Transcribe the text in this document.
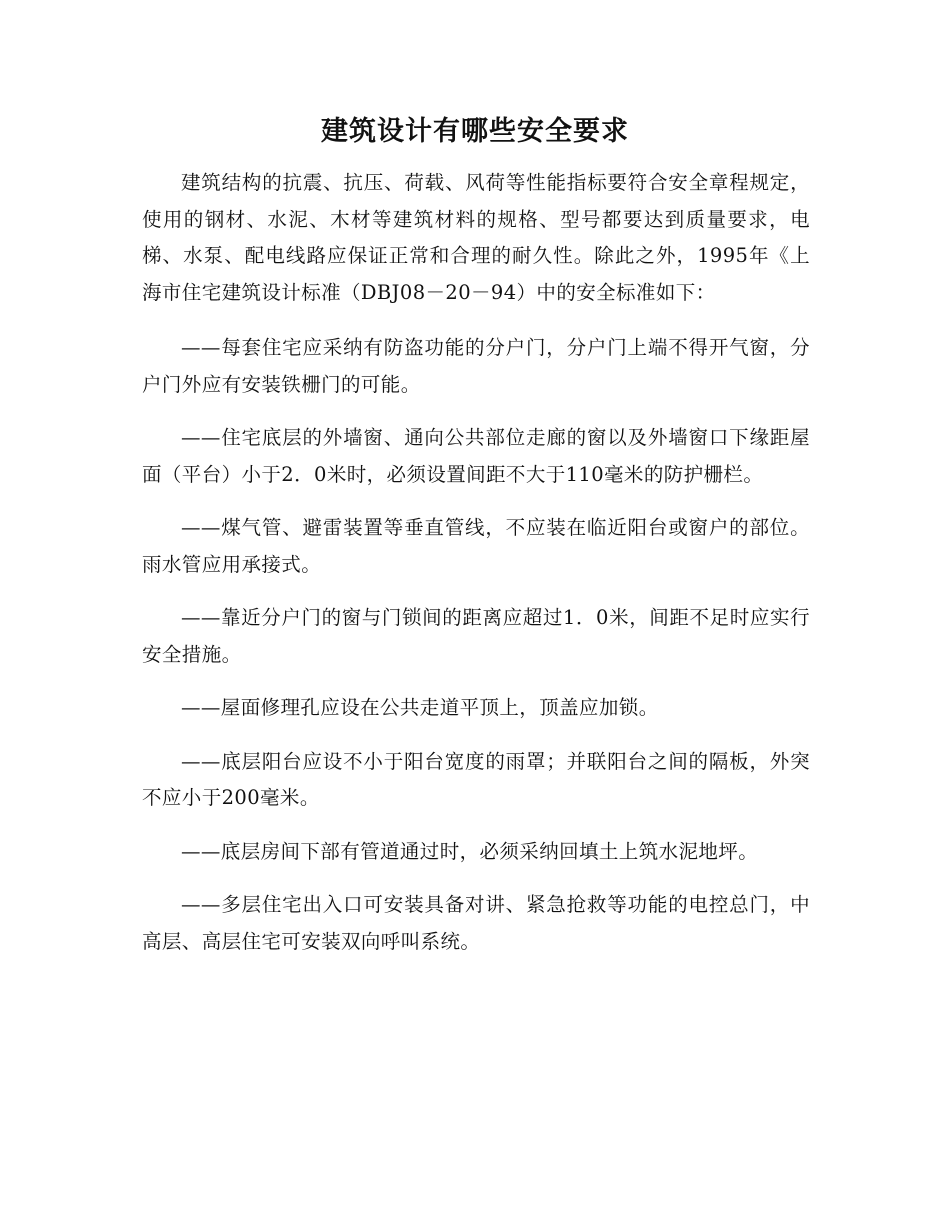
建筑设计有哪些安全要求

建筑结构的抗震、抗压、荷载、风荷等性能指标要符合安全章程规定，使用的钢材、水泥、木材等建筑材料的规格、型号都要达到质量要求，电梯、水泵、配电线路应保证正常和合理的耐久性。除此之外，1995年《上海市住宅建筑设计标准（DBJ08－20－94）中的安全标准如下：

——每套住宅应采纳有防盗功能的分户门，分户门上端不得开气窗，分户门外应有安装铁栅门的可能。

——住宅底层的外墙窗、通向公共部位走廊的窗以及外墙窗口下缘距屋面（平台）小于2．0米时，必须设置间距不大于110毫米的防护栅栏。

——煤气管、避雷装置等垂直管线，不应装在临近阳台或窗户的部位。雨水管应用承接式。

——靠近分户门的窗与门锁间的距离应超过1．0米，间距不足时应实行安全措施。

——屋面修理孔应设在公共走道平顶上，顶盖应加锁。

——底层阳台应设不小于阳台宽度的雨罩；并联阳台之间的隔板，外突不应小于200毫米。

——底层房间下部有管道通过时，必须采纳回填土上筑水泥地坪。

——多层住宅出入口可安装具备对讲、紧急抢救等功能的电控总门，中高层、高层住宅可安装双向呼叫系统。
